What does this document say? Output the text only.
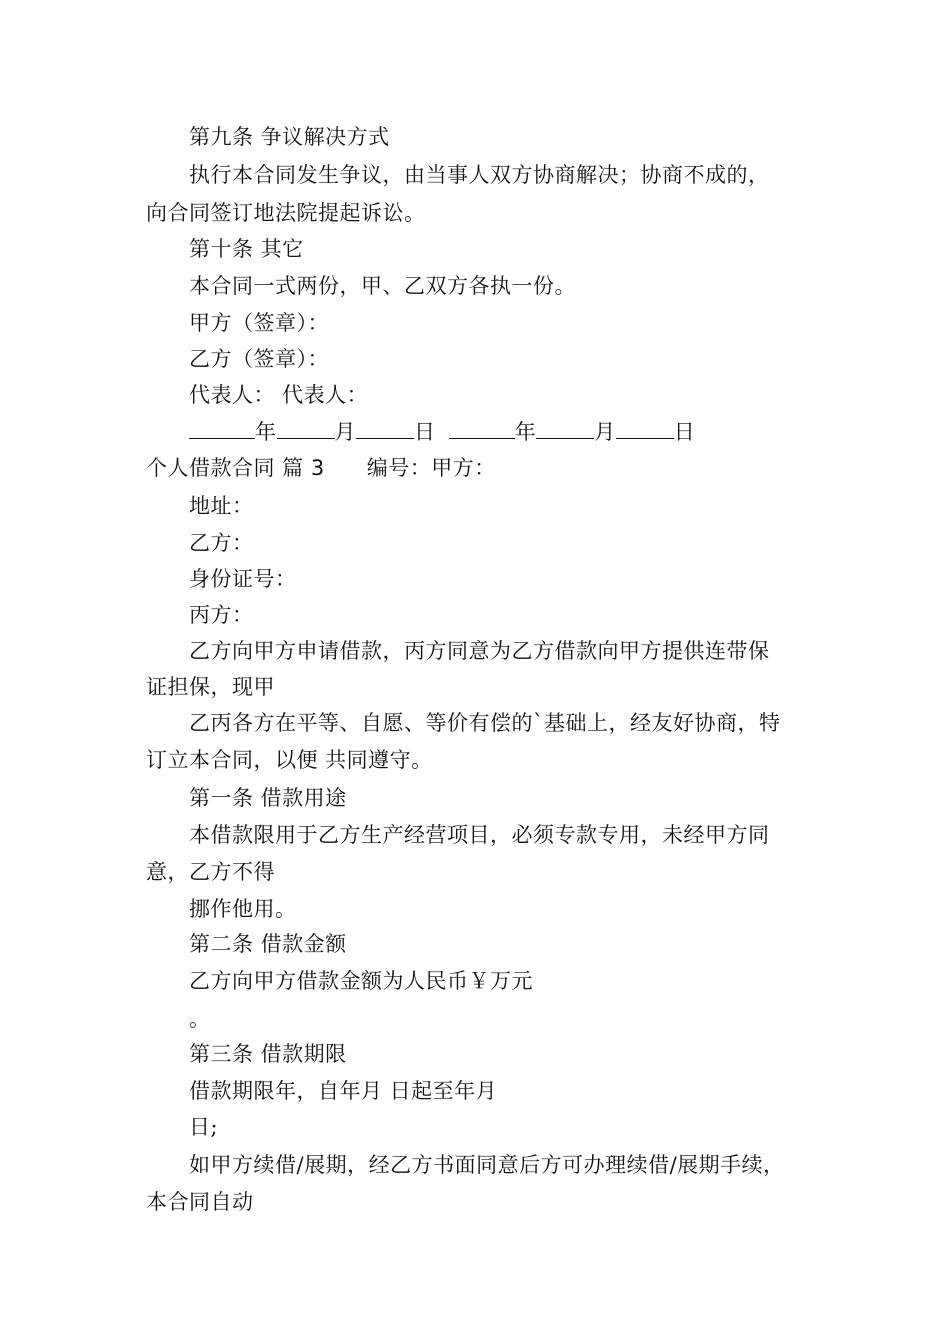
第九条 争议解决方式
执行本合同发生争议，由当事人双方协商解决；协商不成的，
向合同签订地法院提起诉讼。
第十条 其它
本合同一式两份，甲、乙双方各执一份。
甲方（签章）：
乙方（签章）：
代表人： 代表人：
年	月	日	年	月	日
个人借款合同 篇 3 编号：甲方：
地址：
乙方：
身份证号：
丙方：
乙方向甲方申请借款，丙方同意为乙方借款向甲方提供连带保
证担保，现甲
乙丙各方在平等、自愿、等价有偿的`基础上，经友好协商，特
订立本合同，以便 共同遵守。
第一条 借款用途
本借款限用于乙方生产经营项目，必须专款专用，未经甲方同
意，乙方不得
挪作他用。
第二条 借款金额
乙方向甲方借款金额为人民币￥万元
。
第三条 借款期限
借款期限年，自年月 日起至年月
日;
如甲方续借/展期，经乙方书面同意后方可办理续借/展期手续，
本合同自动
